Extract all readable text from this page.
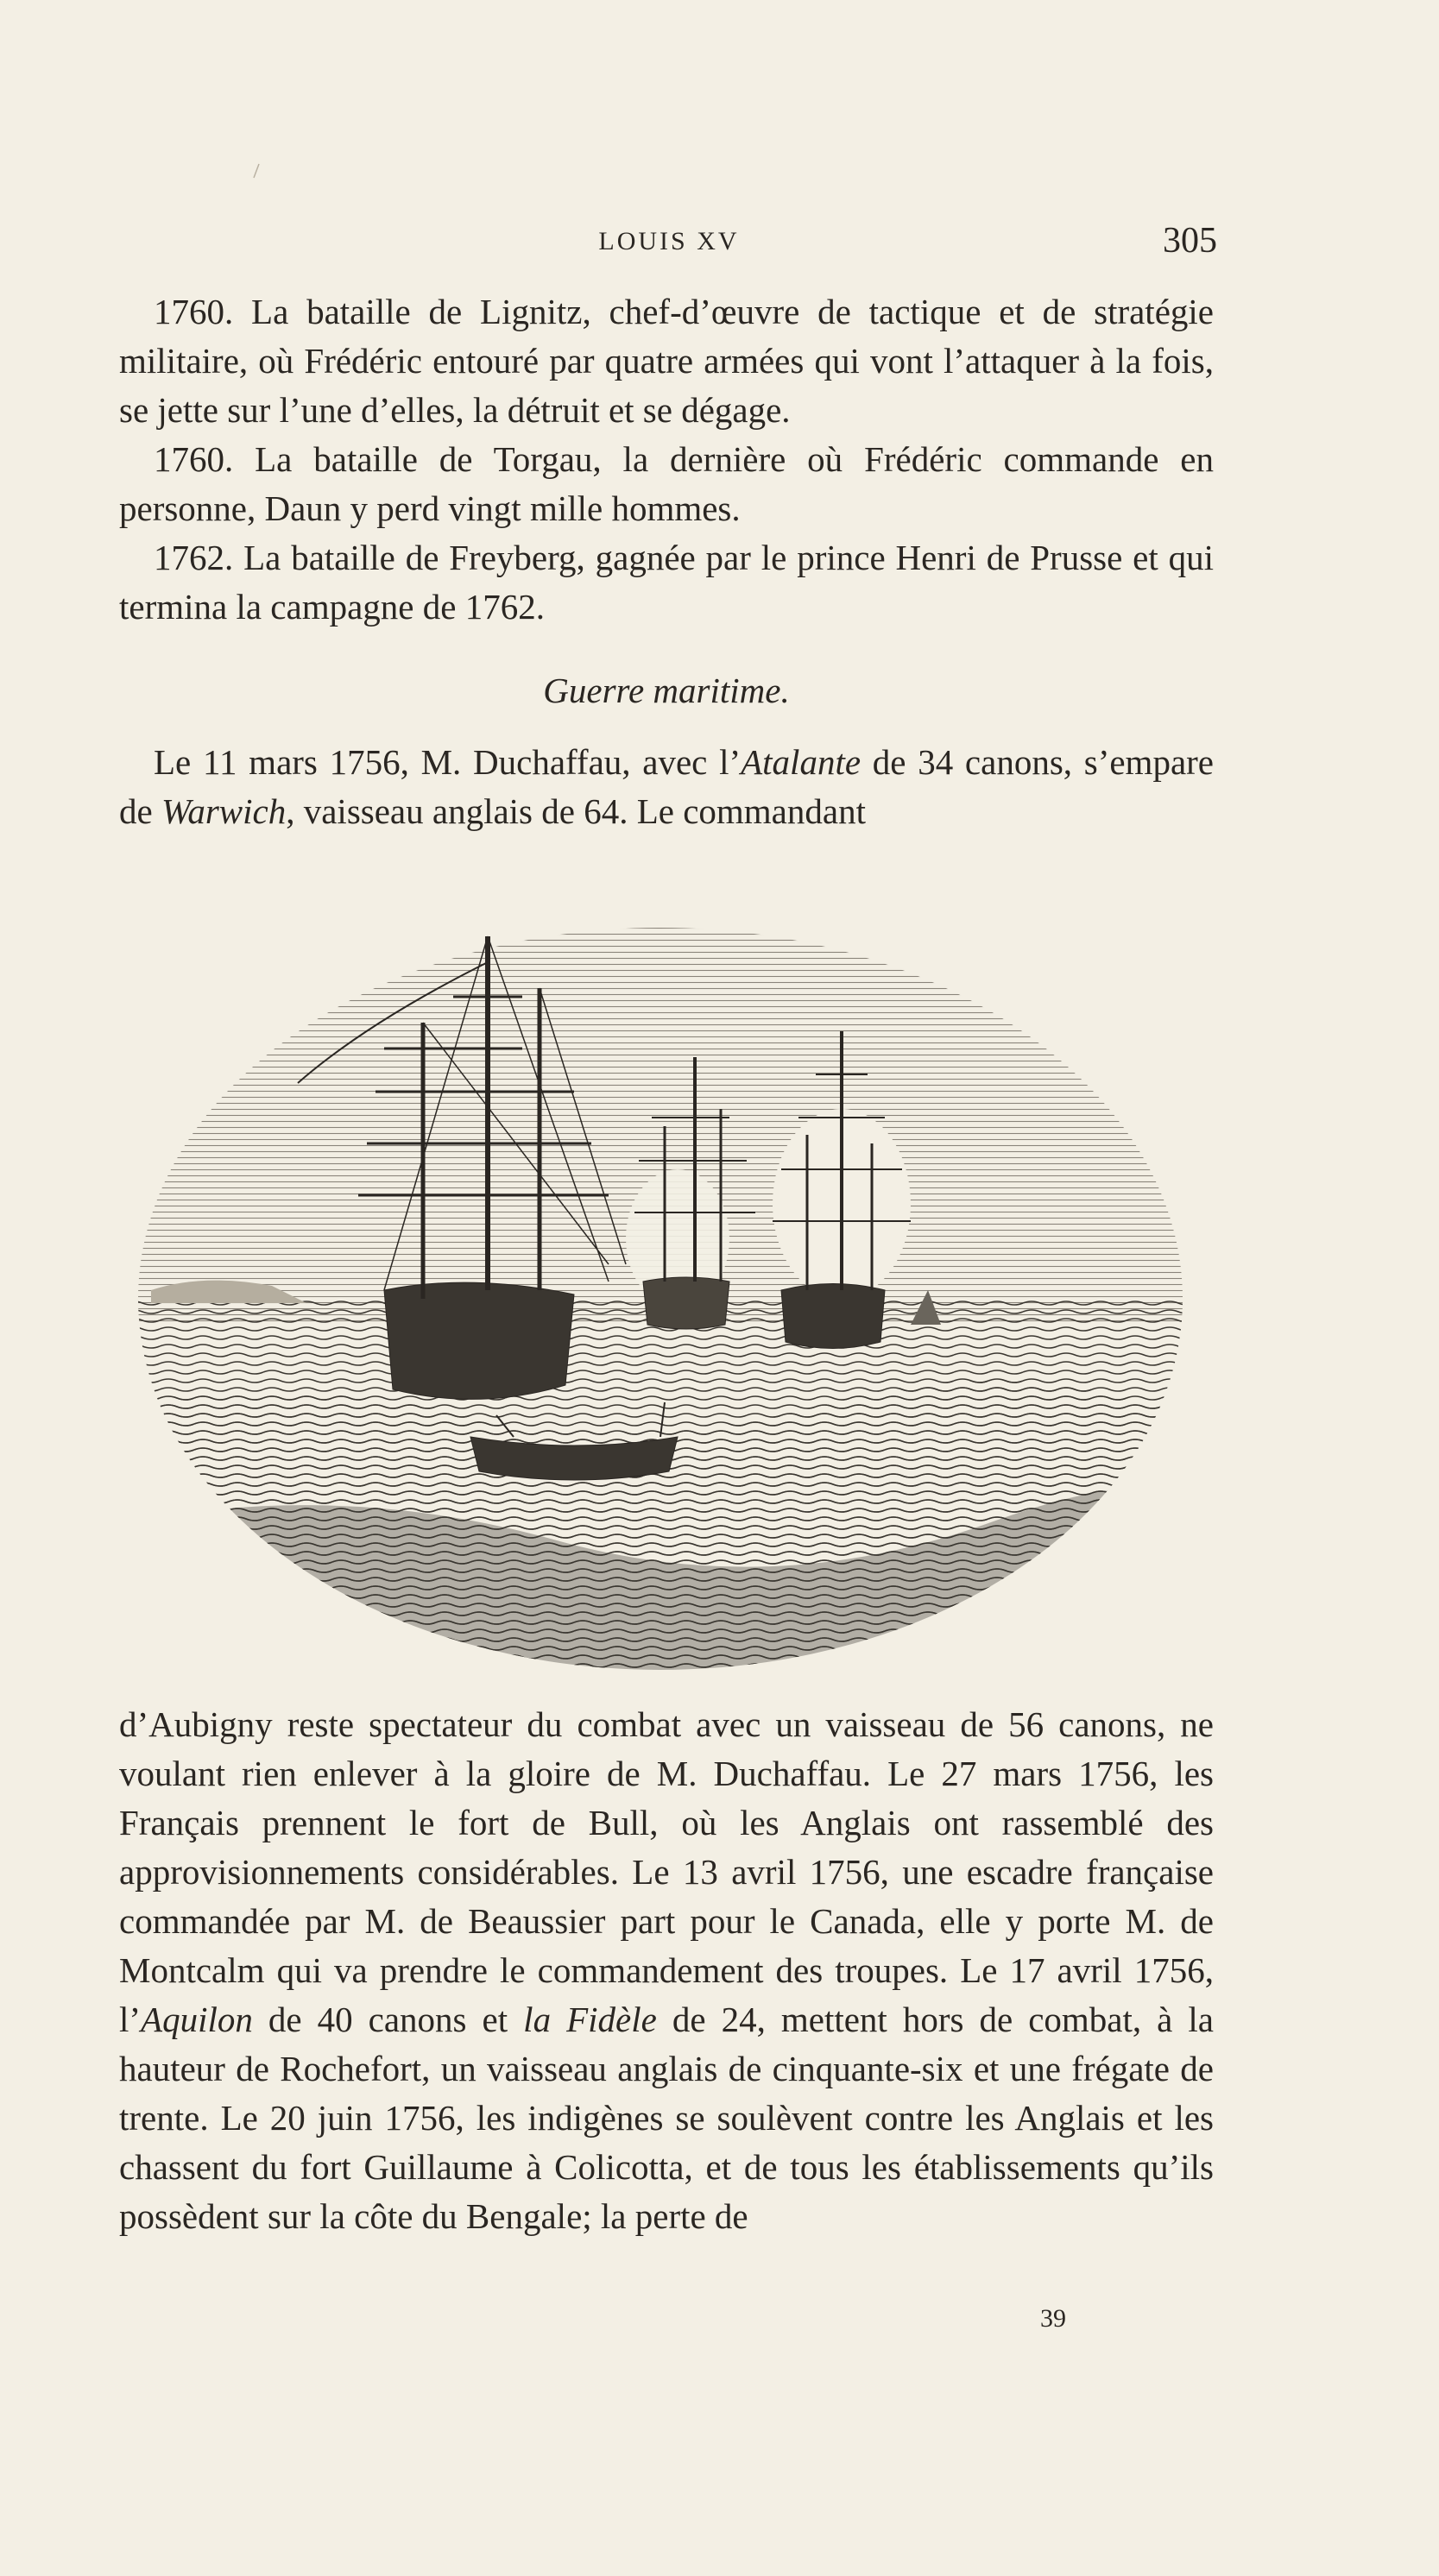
LOUIS XV	305

1760. La bataille de Lignitz, chef-d’œuvre de tactique et de stratégie militaire, où Frédéric entouré par quatre armées qui vont l’attaquer à la fois, se jette sur l’une d’elles, la détruit et se dégage.

1760. La bataille de Torgau, la dernière où Frédéric commande en personne, Daun y perd vingt mille hommes.

1762. La bataille de Freyberg, gagnée par le prince Henri de Prusse et qui termina la campagne de 1762.

Guerre maritime.

Le 11 mars 1756, M. Duchaffau, avec l’Atalante de 34 canons, s’empare de Warwich, vaisseau anglais de 64. Le commandant

d’Aubigny reste spectateur du combat avec un vaisseau de 56 canons, ne voulant rien enlever à la gloire de M. Duchaffau. Le 27 mars 1756, les Français prennent le fort de Bull, où les Anglais ont rassemblé des approvisionnements considérables. Le 13 avril 1756, une escadre française commandée par M. de Beaussier part pour le Canada, elle y porte M. de Montcalm qui va prendre le commandement des troupes. Le 17 avril 1756, l’Aquilon de 40 canons et la Fidèle de 24, mettent hors de combat, à la hauteur de Rochefort, un vaisseau anglais de cinquante-six et une frégate de trente. Le 20 juin 1756, les indigènes se soulèvent contre les Anglais et les chassent du fort Guillaume à Colicotta, et de tous les établissements qu’ils possèdent sur la côte du Bengale; la perte de

39
